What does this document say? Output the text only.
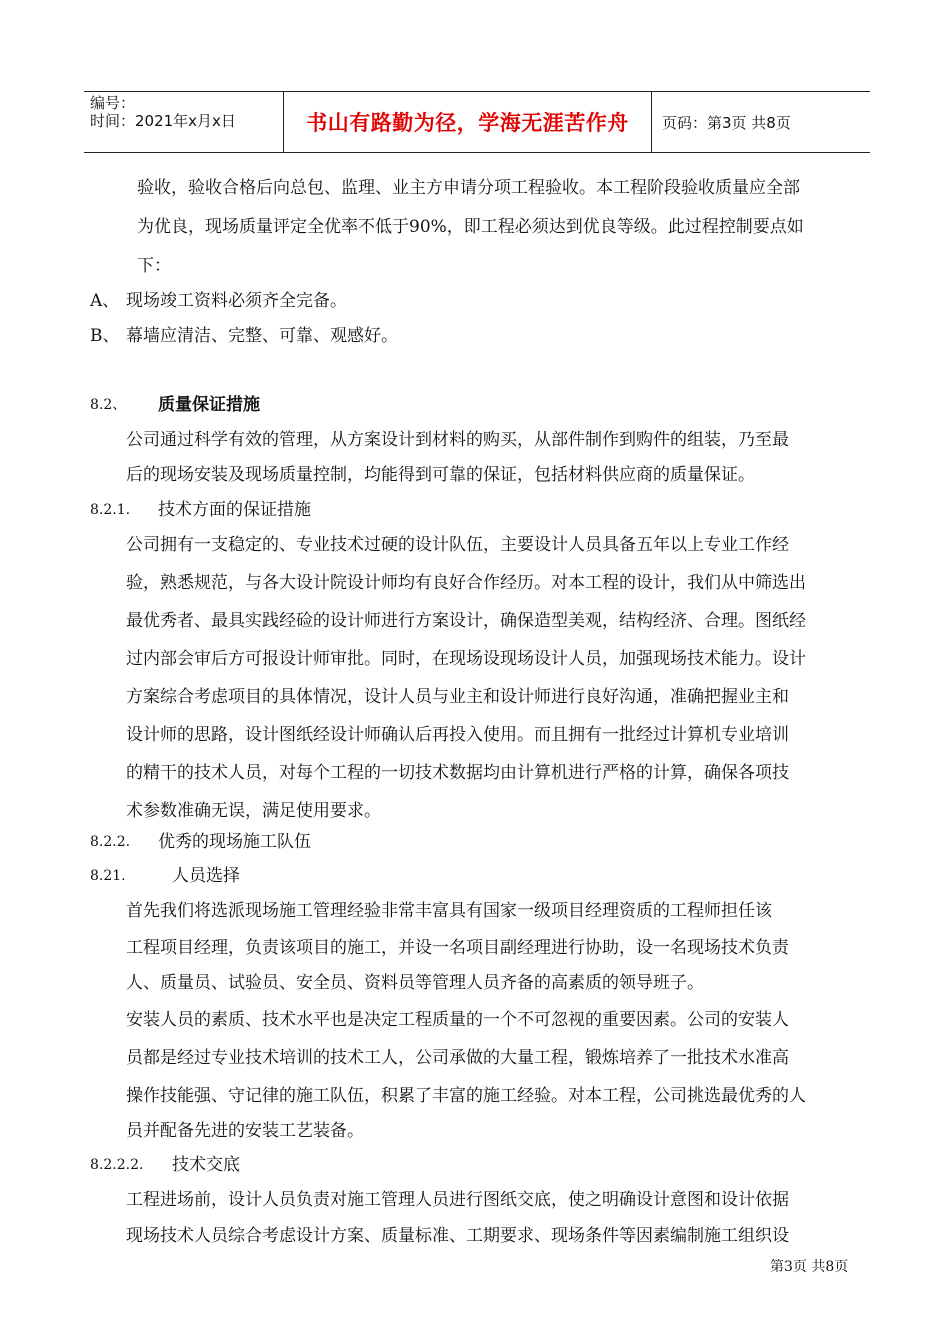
编号：
时间：2021年x月x日	书山有路勤为径，学海无涯苦作舟	页码：第3页 共8页
验收，验收合格后向总包、监理、业主方申请分项工程验收。本工程阶段验收质量应全部
为优良，现场质量评定全优率不低于90%，即工程必须达到优良等级。此过程控制要点如
下：
A、 现场竣工资料必须齐全完备。
B、 幕墙应清洁、完整、可靠、观感好。
8.2、 质量保证措施
公司通过科学有效的管理，从方案设计到材料的购买，从部件制作到购件的组装，乃至最
后的现场安装及现场质量控制，均能得到可靠的保证，包括材料供应商的质量保证。
8.2.1. 技术方面的保证措施
公司拥有一支稳定的、专业技术过硬的设计队伍，主要设计人员具备五年以上专业工作经
验，熟悉规范，与各大设计院设计师均有良好合作经历。对本工程的设计，我们从中筛选出
最优秀者、最具实践经硷的设计师进行方案设计，确保造型美观，结构经济、合理。图纸经
过内部会审后方可报设计师审批。同时，在现场设现场设计人员，加强现场技术能力。设计
方案综合考虑项目的具体情况，设计人员与业主和设计师进行良好沟通，准确把握业主和
设计师的思路，设计图纸经设计师确认后再投入使用。而且拥有一批经过计算机专业培训
的精干的技术人员，对每个工程的一切技术数据均由计算机进行严格的计算，确保各项技
术参数准确无误，满足使用要求。
8.2.2. 优秀的现场施工队伍
8.21.	人员选择
首先我们将选派现场施工管理经验非常丰富具有国家一级项目经理资质的工程师担任该
工程项目经理，负责该项目的施工，并设一名项目副经理进行协助，设一名现场技术负责
人、质量员、试验员、安全员、资料员等管理人员齐备的高素质的领导班子。
安装人员的素质、技术水平也是决定工程质量的一个不可忽视的重要因素。公司的安装人
员都是经过专业技术培训的技术工人，公司承做的大量工程，锻炼培养了一批技术水准高
操作技能强、守记律的施工队伍，积累了丰富的施工经验。对本工程，公司挑选最优秀的人
员并配备先进的安装工艺装备。
8.2.2.2. 技术交底
工程进场前，设计人员负责对施工管理人员进行图纸交底，使之明确设计意图和设计依据
现场技术人员综合考虑设计方案、质量标准、工期要求、现场条件等因素编制施工组织设
第3页 共8页
